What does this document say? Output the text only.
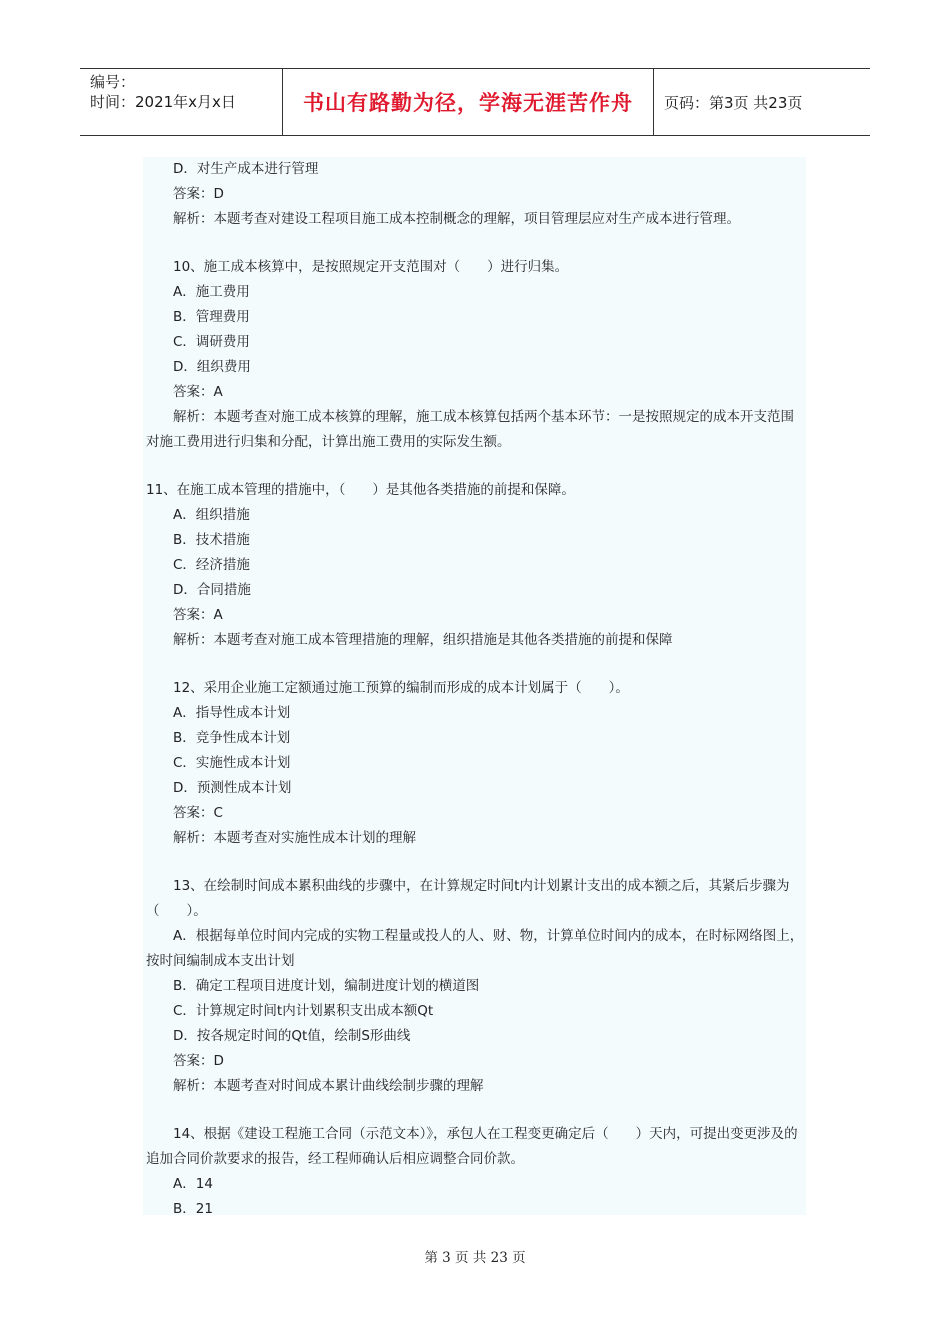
编号：
时间：2021年x月x日	书山有路勤为径，学海无涯苦作舟	页码：第3页 共23页

D．对生产成本进行管理

答案：D

解析：本题考查对建设工程项目施工成本控制概念的理解，项目管理层应对生产成本进行管理。

10、施工成本核算中，是按照规定开支范围对（　　）进行归集。

A．施工费用

B．管理费用

C．调研费用

D．组织费用

答案：A

解析：本题考查对施工成本核算的理解，施工成本核算包括两个基本环节：一是按照规定的成本开支范围对施工费用进行归集和分配，计算出施工费用的实际发生额。

11、在施工成本管理的措施中，（　　）是其他各类措施的前提和保障。

A．组织措施

B．技术措施

C．经济措施

D．合同措施

答案：A

解析：本题考查对施工成本管理措施的理解，组织措施是其他各类措施的前提和保障

12、采用企业施工定额通过施工预算的编制而形成的成本计划属于（　　）。

A．指导性成本计划

B．竞争性成本计划

C．实施性成本计划

D．预测性成本计划

答案：C

解析：本题考查对实施性成本计划的理解

13、在绘制时间成本累积曲线的步骤中，在计算规定时间t内计划累计支出的成本额之后，其紧后步骤为（　　）。

A．根据每单位时间内完成的实物工程量或投人的人、财、物，计算单位时间内的成本，在时标网络图上，按时间编制成本支出计划

B．确定工程项目进度计划，编制进度计划的横道图

C．计算规定时间t内计划累积支出成本额Qt

D．按各规定时间的Qt值，绘制S形曲线

答案：D

解析：本题考查对时间成本累计曲线绘制步骤的理解

14、根据《建设工程施工合同（示范文本）》，承包人在工程变更确定后（　　）天内，可提出变更涉及的追加合同价款要求的报告，经工程师确认后相应调整合同价款。

A．14

B．21

第 3 页 共 23 页
